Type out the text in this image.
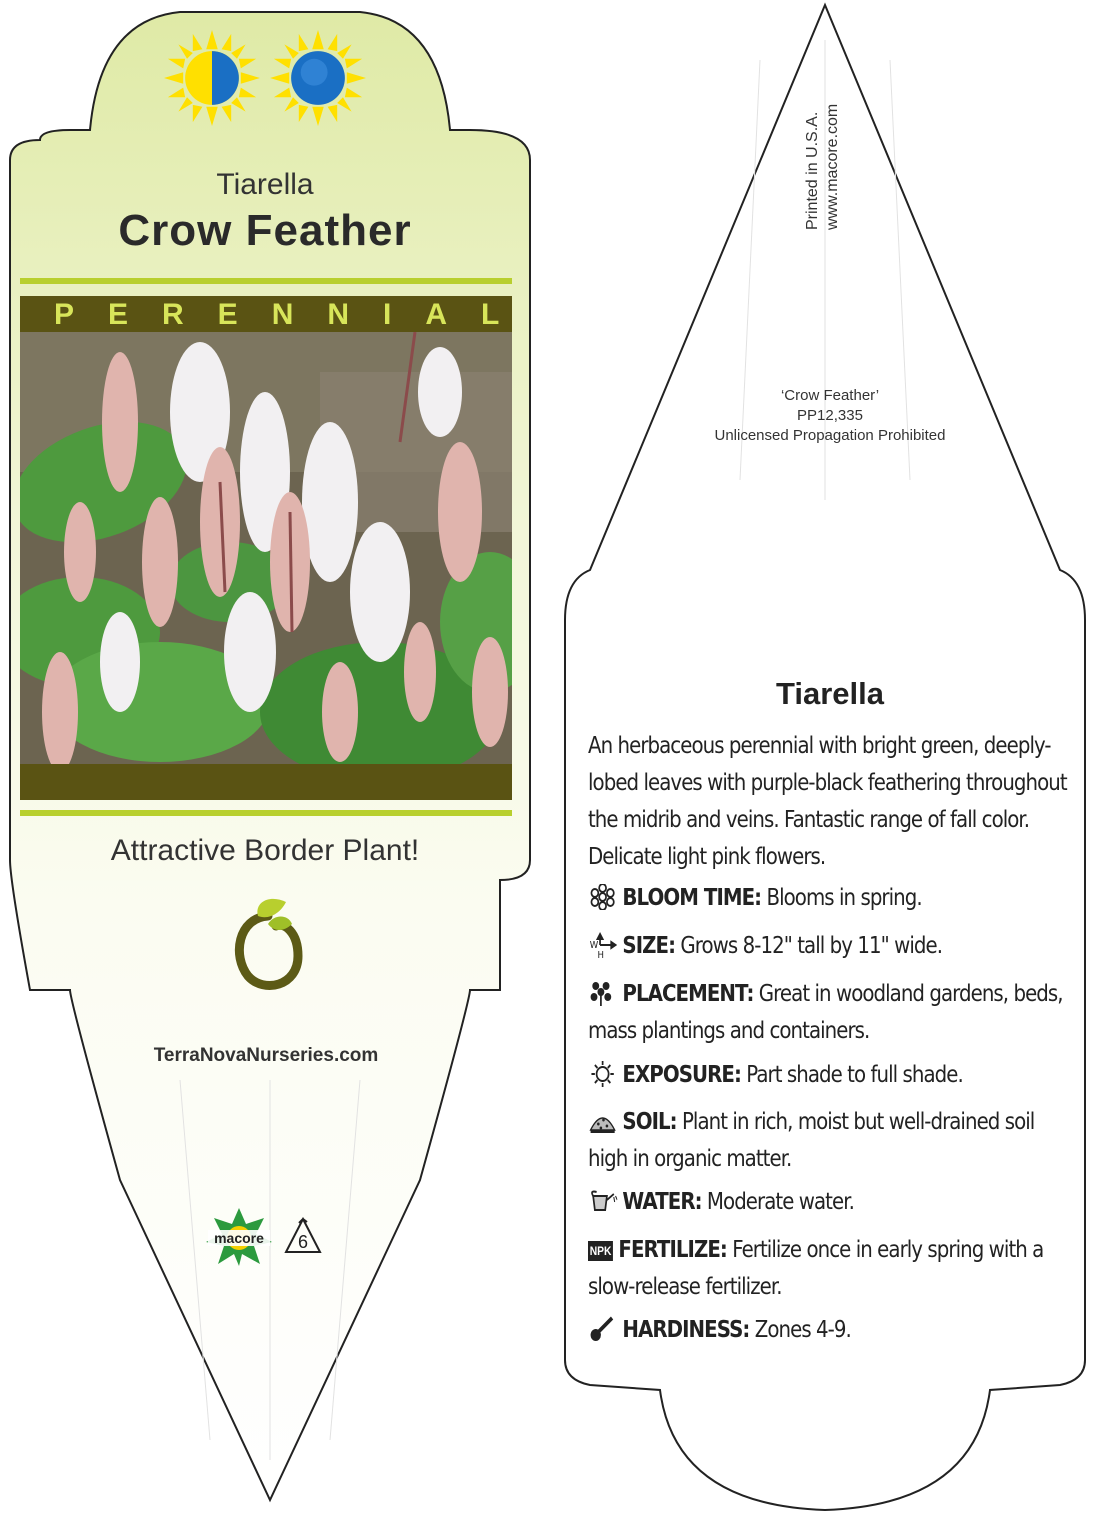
Tiarella
Crow Feather
PERENNIAL
Attractive Border Plant!
TerraNovaNurseries.com
macore 6
Printed in U.S.A. www.macore.com
‘Crow Feather’
PP12,335
Unlicensed Propagation Prohibited
Tiarella
An herbaceous perennial with bright green, deeply-lobed leaves with purple-black feathering throughout the midrib and veins. Fantastic range of fall color. Delicate light pink flowers.
BLOOM TIME: Blooms in spring.
W
H SIZE: Grows 8-12" tall by 11" wide.
PLACEMENT: Great in woodland gardens, beds, mass plantings and containers.
EXPOSURE: Part shade to full shade.
SOIL: Plant in rich, moist but well-drained soil high in organic matter.
WATER: Moderate water.
NPK FERTILIZE: Fertilize once in early spring with a slow-release fertilizer.
HARDINESS: Zones 4-9.
